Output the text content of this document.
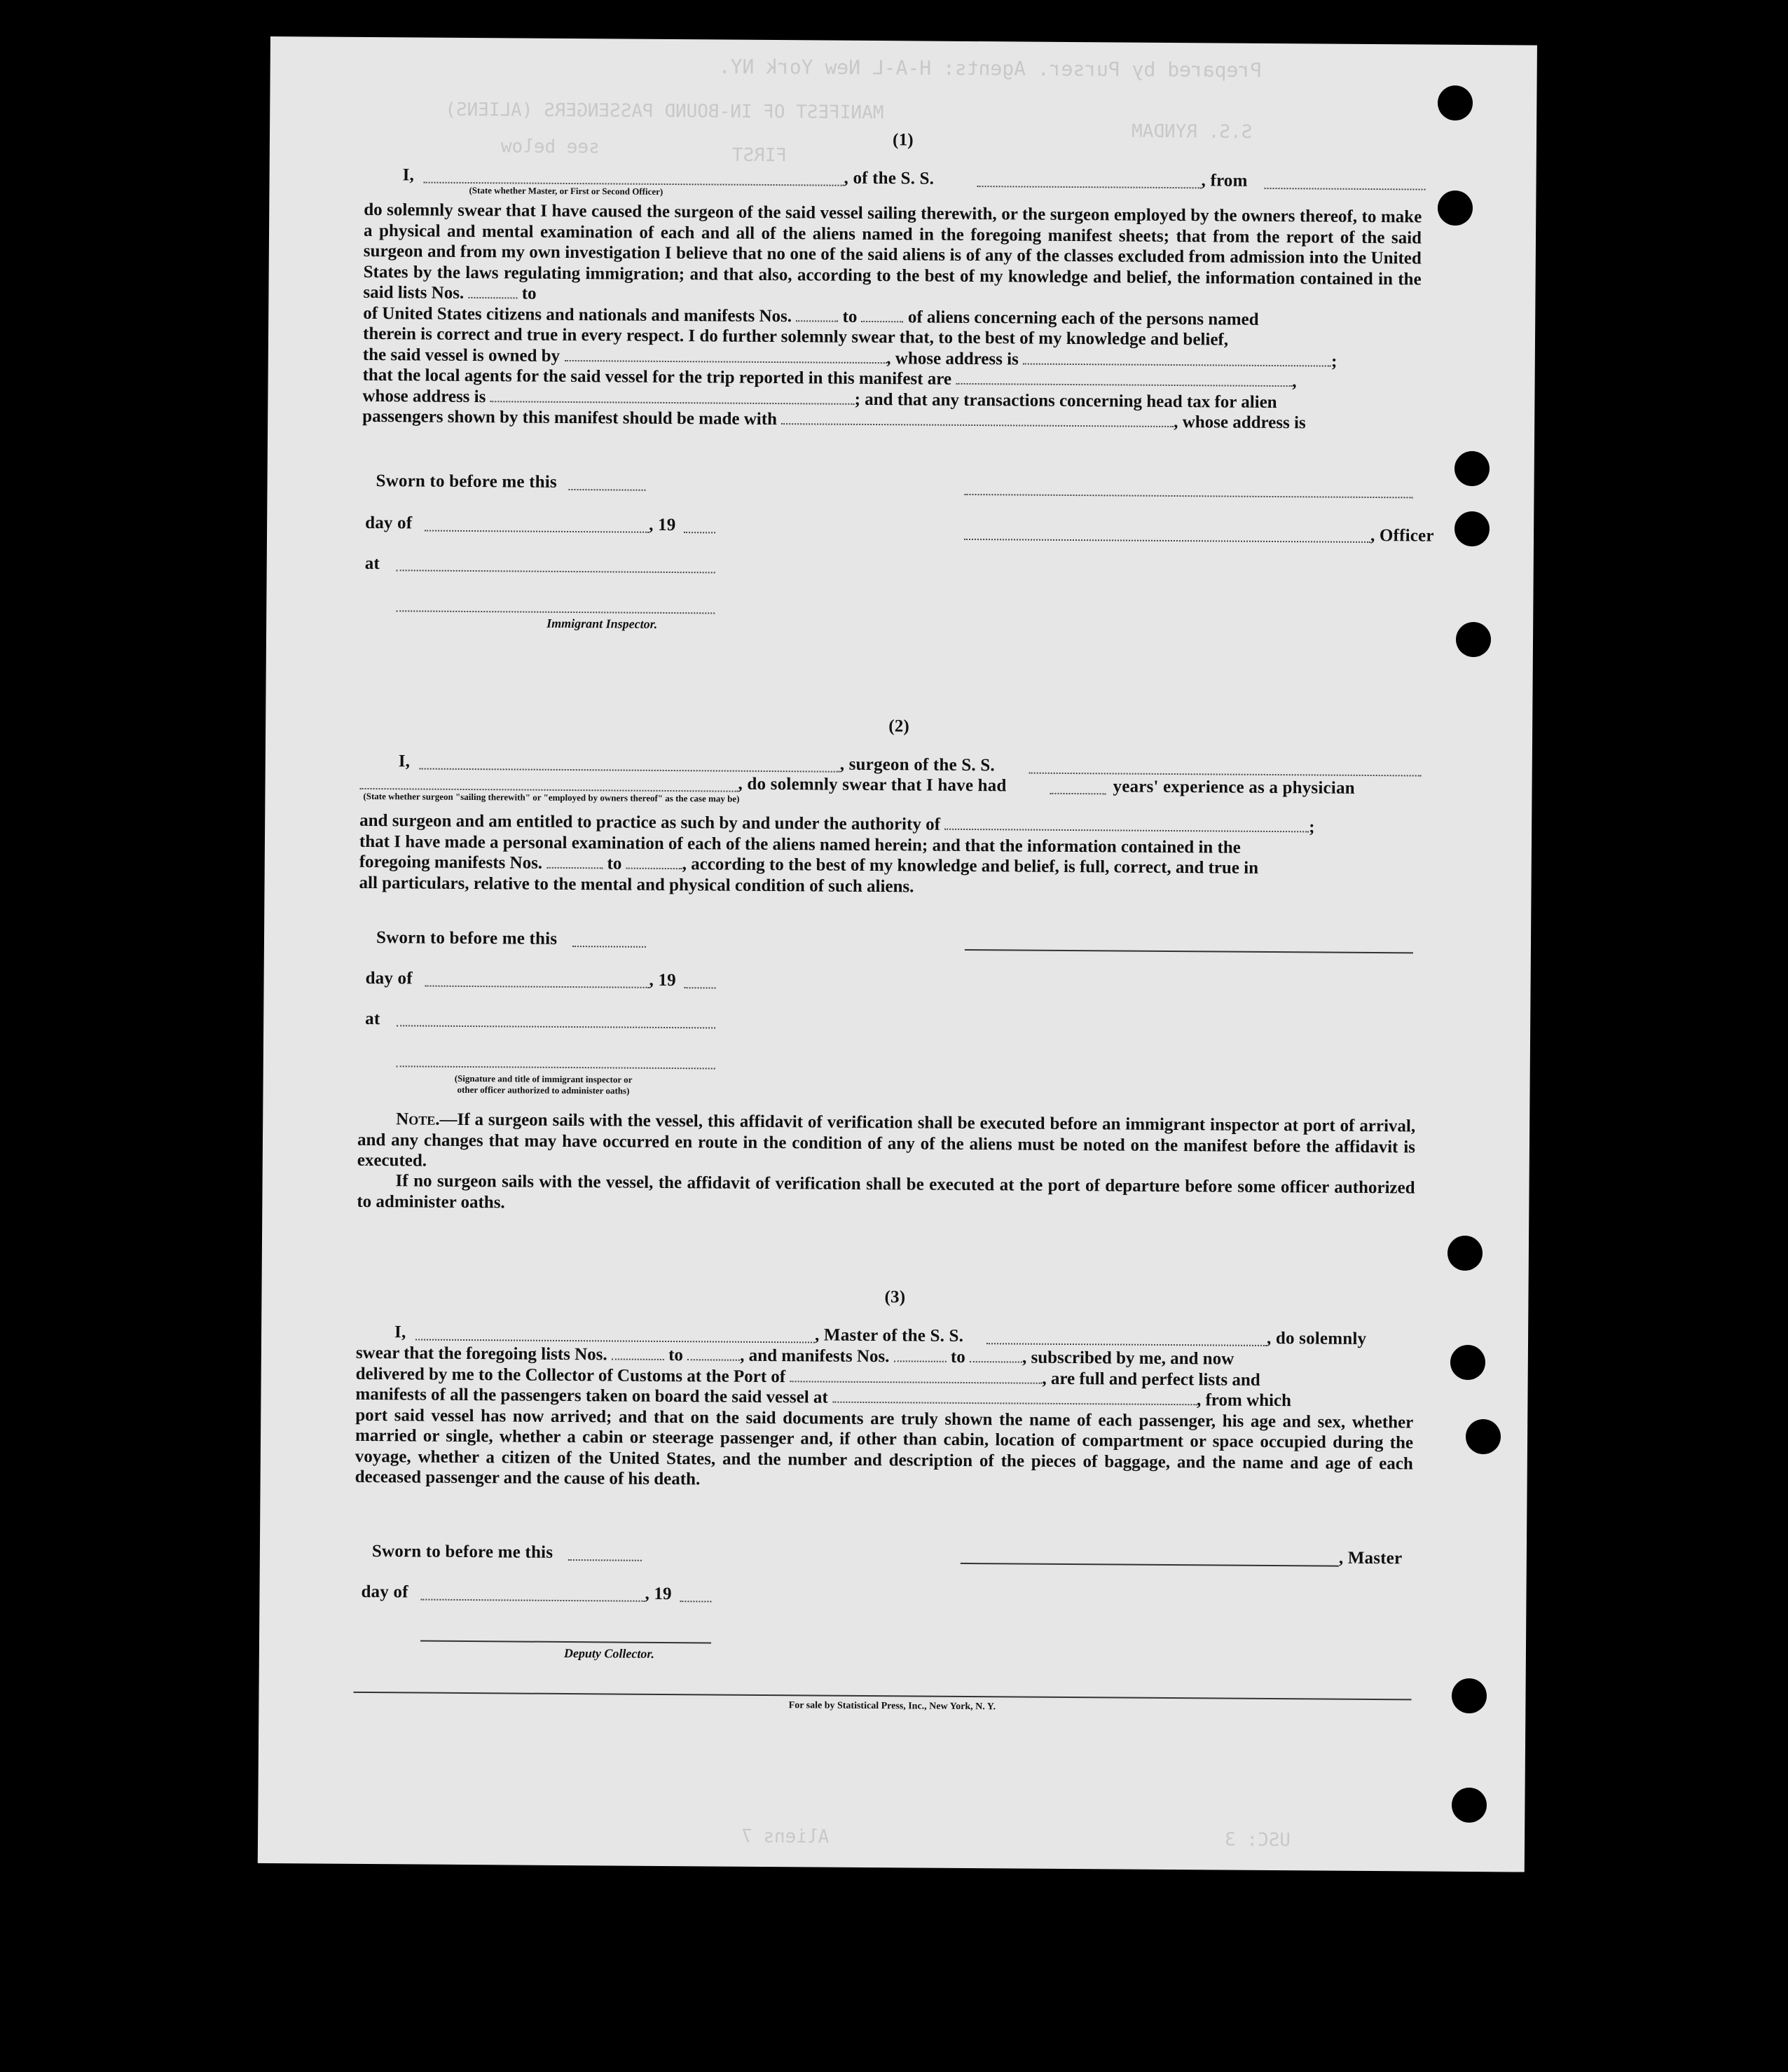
Prepared by Purser. Agents: H-A-L New York NY.
MANIFEST OF IN-BOUND PASSENGERS (ALIENS)
FIRST
see below
S.S. RYNDAM
Aliens 7	USC: 3
(1)
I,	, of the S. S.	, from
(State whether Master, or First or Second Officer)
do solemnly swear that I have caused the surgeon of the said vessel sailing therewith, or the surgeon employed by the owners thereof, to make a physical and mental examination of each and all of the aliens named in the foregoing manifest sheets; that from the report of the said surgeon and from my own investigation I believe that no one of the said aliens is of any of the classes excluded from admission into the United States by the laws regulating immigration; and that also, according to the best of my knowledge and belief, the information contained in the said lists Nos.	to
of United States citizens and nationals and manifests Nos.	to	of aliens concerning each of the persons named
therein is correct and true in every respect. I do further solemnly swear that, to the best of my knowledge and belief,
the said vessel is owned by	, whose address is	;
that the local agents for the said vessel for the trip reported in this manifest are	,
whose address is	; and that any transactions concerning head tax for alien
passengers shown by this manifest should be made with	, whose address is
Sworn to before me this
day of	, 19
at
Immigrant Inspector.
, Officer
(2)
I,	, surgeon of the S. S.
, do solemnly swear that I have had	years' experience as a physician
(State whether surgeon "sailing therewith" or "employed by owners thereof" as the case may be)
and surgeon and am entitled to practice as such by and under the authority of	;
that I have made a personal examination of each of the aliens named herein; and that the information contained in the
foregoing manifests Nos.	to	, according to the best of my knowledge and belief, is full, correct, and true in
all particulars, relative to the mental and physical condition of such aliens.
Sworn to before me this
day of	, 19
at
(Signature and title of immigrant inspector or
other officer authorized to administer oaths)
Note.—If a surgeon sails with the vessel, this affidavit of verification shall be executed before an immigrant inspector at port of arrival, and any changes that may have occurred en route in the condition of any of the aliens must be noted on the manifest before the affidavit is executed.
If no surgeon sails with the vessel, the affidavit of verification shall be executed at the port of departure before some officer authorized to administer oaths.
(3)
I,	, Master of the S. S.	, do solemnly
swear that the foregoing lists Nos.	to	, and manifests Nos.	to	, subscribed by me, and now
delivered by me to the Collector of Customs at the Port of	, are full and perfect lists and
manifests of all the passengers taken on board the said vessel at	, from which
port said vessel has now arrived; and that on the said documents are truly shown the name of each passenger, his age and sex, whether married or single, whether a cabin or steerage passenger and, if other than cabin, location of compartment or space occupied during the voyage, whether a citizen of the United States, and the number and description of the pieces of baggage, and the name and age of each deceased passenger and the cause of his death.
Sworn to before me this
day of	, 19
Deputy Collector.
, Master
For sale by Statistical Press, Inc., New York, N. Y.
